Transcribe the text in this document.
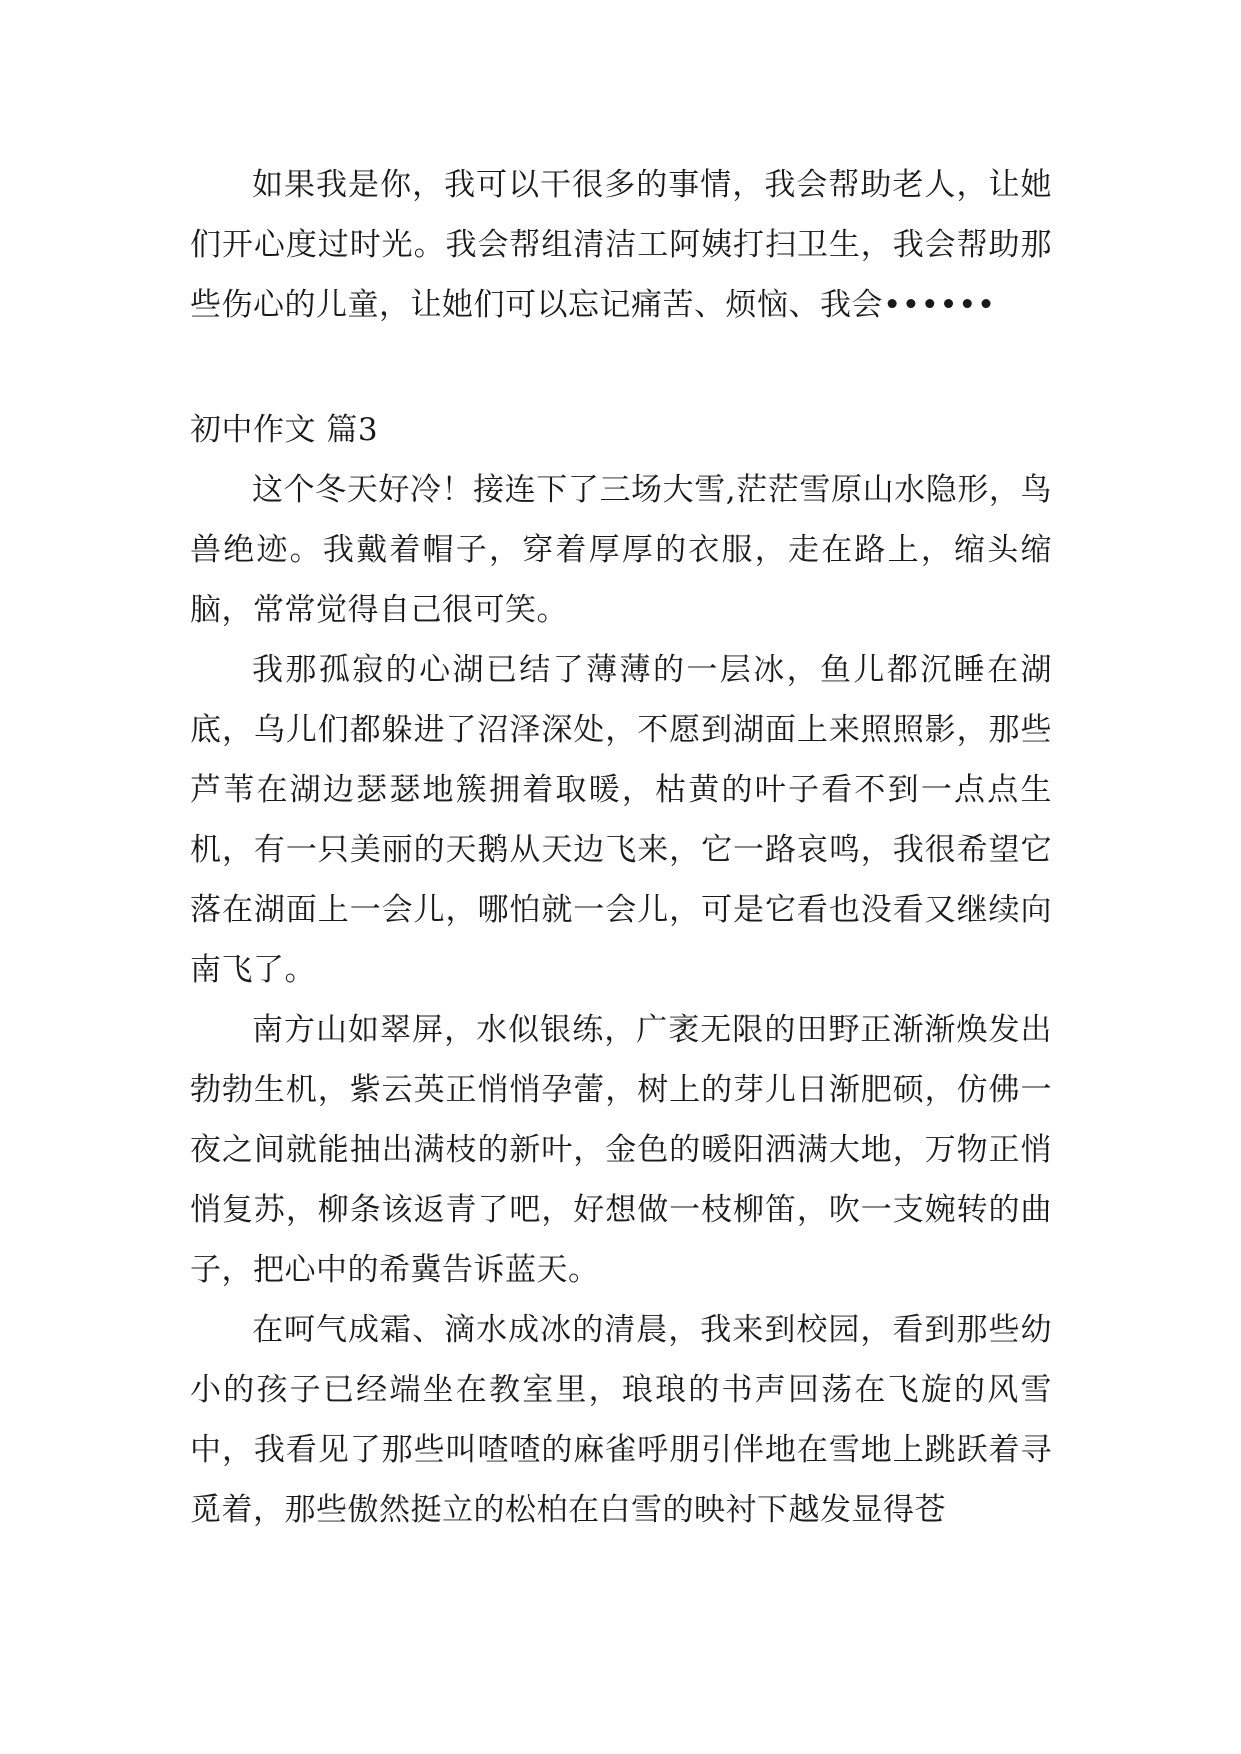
如果我是你，我可以干很多的事情，我会帮助老人，让她们开心度过时光。我会帮组清洁工阿姨打扫卫生，我会帮助那些伤心的儿童，让她们可以忘记痛苦、烦恼、我会••••••

初中作文 篇3

这个冬天好冷！接连下了三场大雪,茫茫雪原山水隐形，鸟兽绝迹。我戴着帽子，穿着厚厚的衣服，走在路上，缩头缩脑，常常觉得自己很可笑。

我那孤寂的心湖已结了薄薄的一层冰，鱼儿都沉睡在湖底，乌儿们都躲进了沼泽深处，不愿到湖面上来照照影，那些芦苇在湖边瑟瑟地簇拥着取暖，枯黄的叶子看不到一点点生机，有一只美丽的天鹅从天边飞来，它一路哀鸣，我很希望它落在湖面上一会儿，哪怕就一会儿，可是它看也没看又继续向南飞了。

南方山如翠屏，水似银练，广袤无限的田野正渐渐焕发出勃勃生机，紫云英正悄悄孕蕾，树上的芽儿日渐肥硕，仿佛一夜之间就能抽出满枝的新叶，金色的暖阳洒满大地，万物正悄悄复苏，柳条该返青了吧，好想做一枝柳笛，吹一支婉转的曲子，把心中的希冀告诉蓝天。

在呵气成霜、滴水成冰的清晨，我来到校园，看到那些幼小的孩子已经端坐在教室里，琅琅的书声回荡在飞旋的风雪中，我看见了那些叫喳喳的麻雀呼朋引伴地在雪地上跳跃着寻觅着，那些傲然挺立的松柏在白雪的映衬下越发显得苍
